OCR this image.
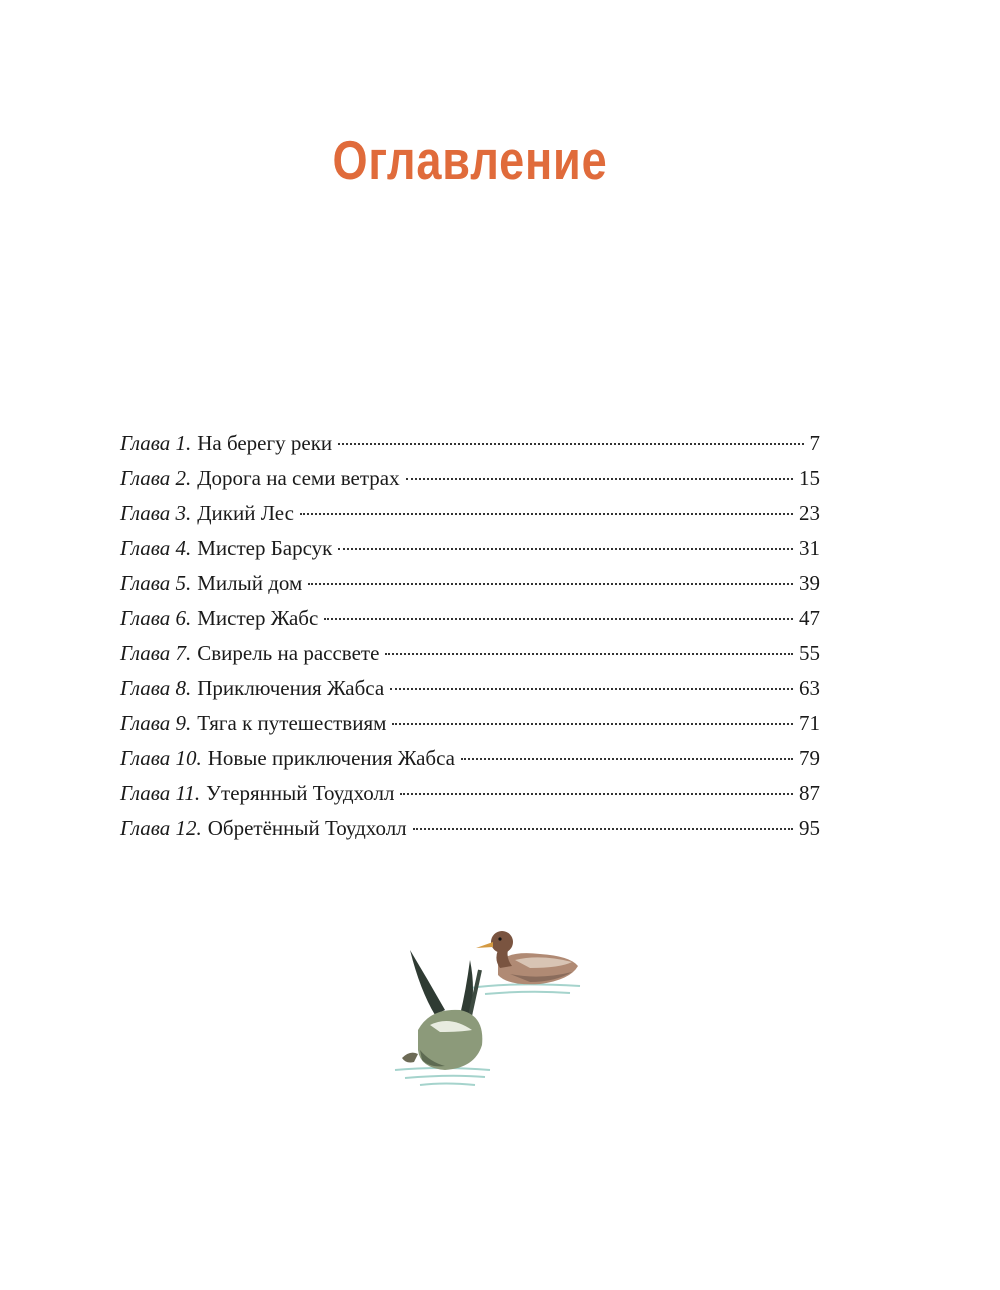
Оглавление
Глава 1. На берегу реки	7
Глава 2. Дорога на семи ветрах	15
Глава 3. Дикий Лес	23
Глава 4. Мистер Барсук	31
Глава 5. Милый дом	39
Глава 6. Мистер Жабс	47
Глава 7. Свирель на рассвете	55
Глава 8. Приключения Жабса	63
Глава 9. Тяга к путешествиям	71
Глава 10. Новые приключения Жабса	79
Глава 11. Утерянный Тоудхолл	87
Глава 12. Обретённый Тоудхолл	95
